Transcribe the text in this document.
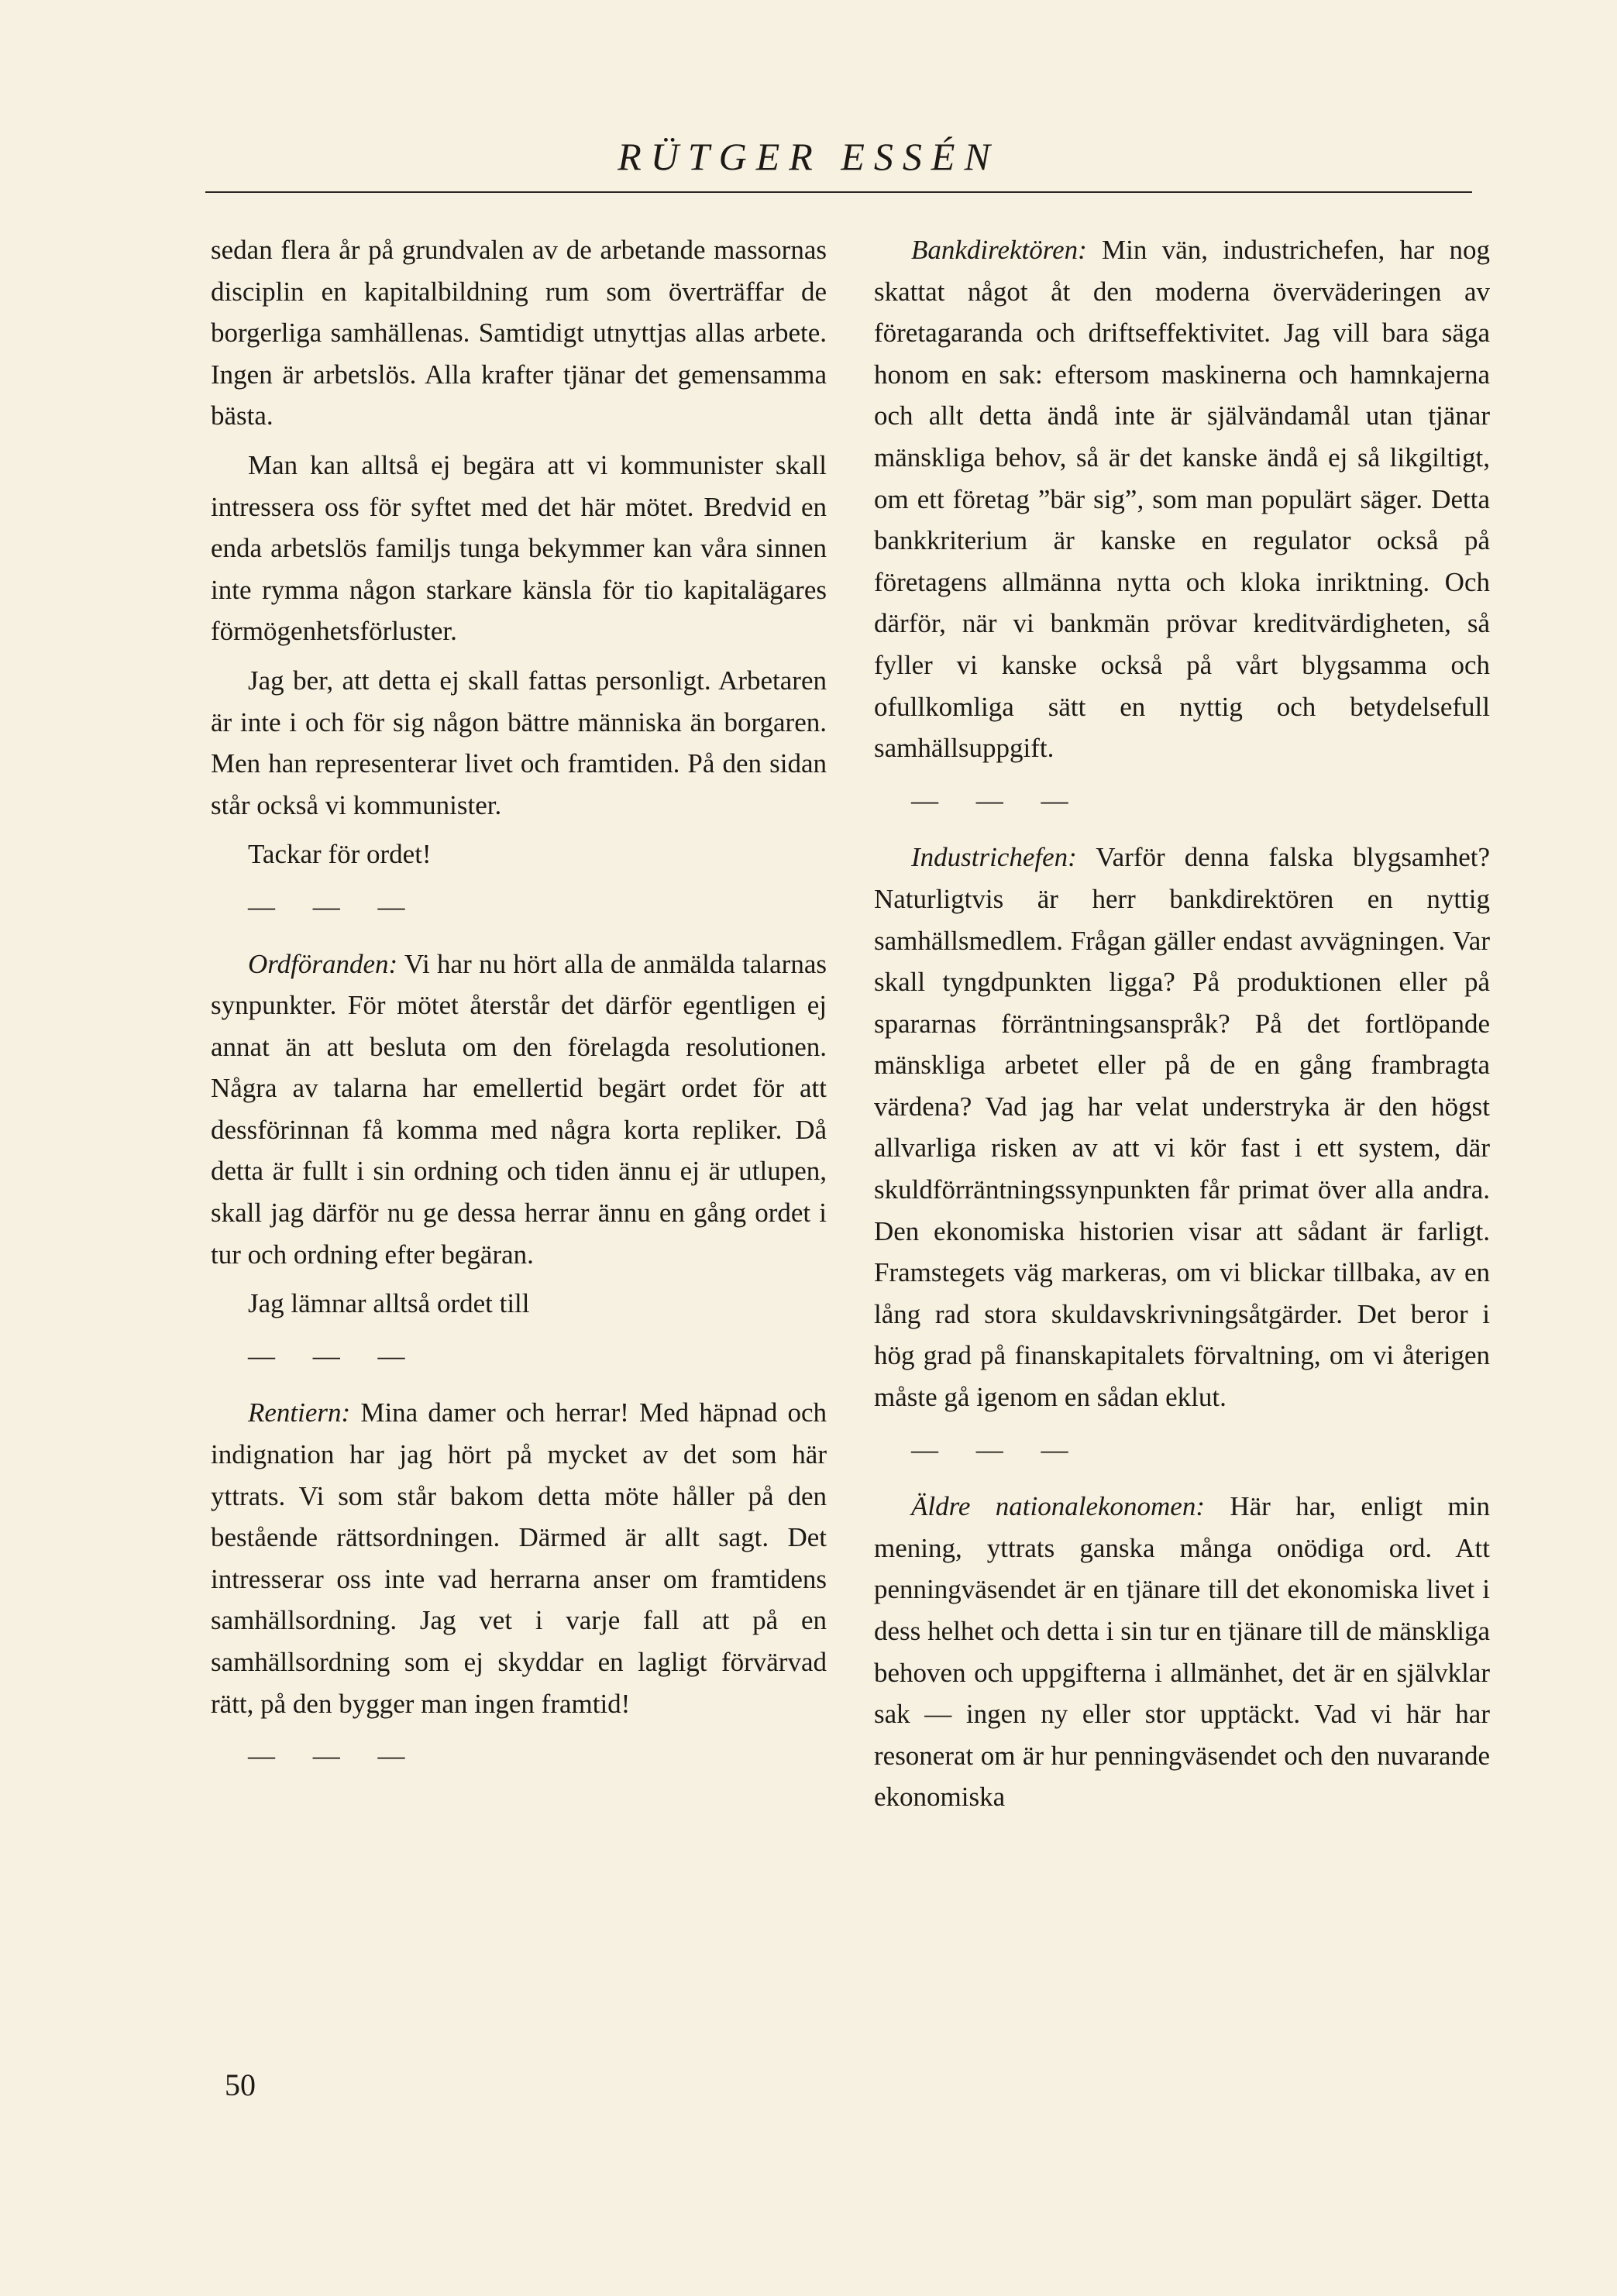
RÜTGER ESSÉN

sedan flera år på grundvalen av de arbetande massornas disciplin en kapitalbildning rum som överträffar de borgerliga samhällenas. Samtidigt utnyttjas allas arbete. Ingen är arbetslös. Alla krafter tjänar det gemensamma bästa.

Man kan alltså ej begära att vi kommunister skall intressera oss för syftet med det här mötet. Bredvid en enda arbetslös familjs tunga bekymmer kan våra sinnen inte rymma någon starkare känsla för tio kapitalägares förmögenhetsförluster.

Jag ber, att detta ej skall fattas personligt. Arbetaren är inte i och för sig någon bättre människa än borgaren. Men han representerar livet och framtiden. På den sidan står också vi kommunister.

Tackar för ordet!

— — —

Ordföranden: Vi har nu hört alla de anmälda talarnas synpunkter. För mötet återstår det därför egentligen ej annat än att besluta om den förelagda resolutionen. Några av talarna har emellertid begärt ordet för att dessförinnan få komma med några korta repliker. Då detta är fullt i sin ordning och tiden ännu ej är utlupen, skall jag därför nu ge dessa herrar ännu en gång ordet i tur och ordning efter begäran.

Jag lämnar alltså ordet till

— — —

Rentiern: Mina damer och herrar! Med häpnad och indignation har jag hört på mycket av det som här yttrats. Vi som står bakom detta möte håller på den bestående rättsordningen. Därmed är allt sagt. Det intresserar oss inte vad herrarna anser om framtidens samhällsordning. Jag vet i varje fall att på en samhällsordning som ej skyddar en lagligt förvärvad rätt, på den bygger man ingen framtid!

— — —

Bankdirektören: Min vän, industrichefen, har nog skattat något åt den moderna överväderingen av företagaranda och driftseffektivitet. Jag vill bara säga honom en sak: eftersom maskinerna och hamnkajerna och allt detta ändå inte är självändamål utan tjänar mänskliga behov, så är det kanske ändå ej så likgiltigt, om ett företag ”bär sig”, som man populärt säger. Detta bankkriterium är kanske en regulator också på företagens allmänna nytta och kloka inriktning. Och därför, när vi bankmän prövar kreditvärdigheten, så fyller vi kanske också på vårt blygsamma och ofullkomliga sätt en nyttig och betydelsefull samhällsuppgift.

— — —

Industrichefen: Varför denna falska blygsamhet? Naturligtvis är herr bankdirektören en nyttig samhällsmedlem. Frågan gäller endast avvägningen. Var skall tyngdpunkten ligga? På produktionen eller på spararnas förräntningsanspråk? På det fortlöpande mänskliga arbetet eller på de en gång frambragta värdena? Vad jag har velat understryka är den högst allvarliga risken av att vi kör fast i ett system, där skuldförräntningssynpunkten får primat över alla andra. Den ekonomiska historien visar att sådant är farligt. Framstegets väg markeras, om vi blickar tillbaka, av en lång rad stora skuldavskrivningsåtgärder. Det beror i hög grad på finanskapitalets förvaltning, om vi återigen måste gå igenom en sådan eklut.

— — —

Äldre nationalekonomen: Här har, enligt min mening, yttrats ganska många onödiga ord. Att penningväsendet är en tjänare till det ekonomiska livet i dess helhet och detta i sin tur en tjänare till de mänskliga behoven och uppgifterna i allmänhet, det är en självklar sak — ingen ny eller stor upptäckt. Vad vi här har resonerat om är hur penningväsendet och den nuvarande ekonomiska

50
